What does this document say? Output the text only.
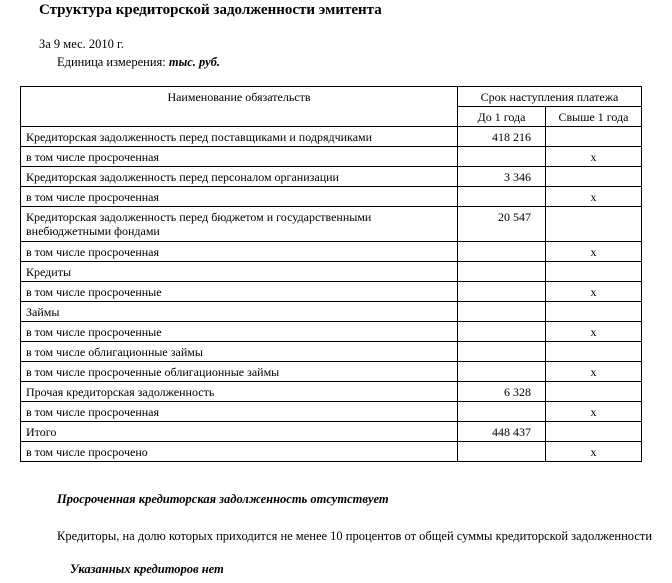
Структура кредиторской задолженности эмитента
За 9 мес. 2010 г.
Единица измерения: тыс. руб.
Наименование обязательств	Срок наступления платежа	
	До 1 года	Свыше 1 года
Кредиторская задолженность перед поставщиками и подрядчиками	418 216	
в том числе просроченная		x
Кредиторская задолженность перед персоналом организации	3 346	
в том числе просроченная		x
Кредиторская задолженность перед бюджетом и государственными внебюджетными фондами	20 547	
в том числе просроченная		x
Кредиты		
в том числе просроченные		x
Займы		
в том числе просроченные		x
в том числе облигационные займы		
в том числе просроченные облигационные займы		x
Прочая кредиторская задолженность	6 328	
в том числе просроченная		x
Итого	448 437	
в том числе просрочено		x
Просроченная кредиторская задолженность отсутствует
Кредиторы, на долю которых приходится не менее 10 процентов от общей суммы кредиторской задолженности
Указанных кредиторов нет
